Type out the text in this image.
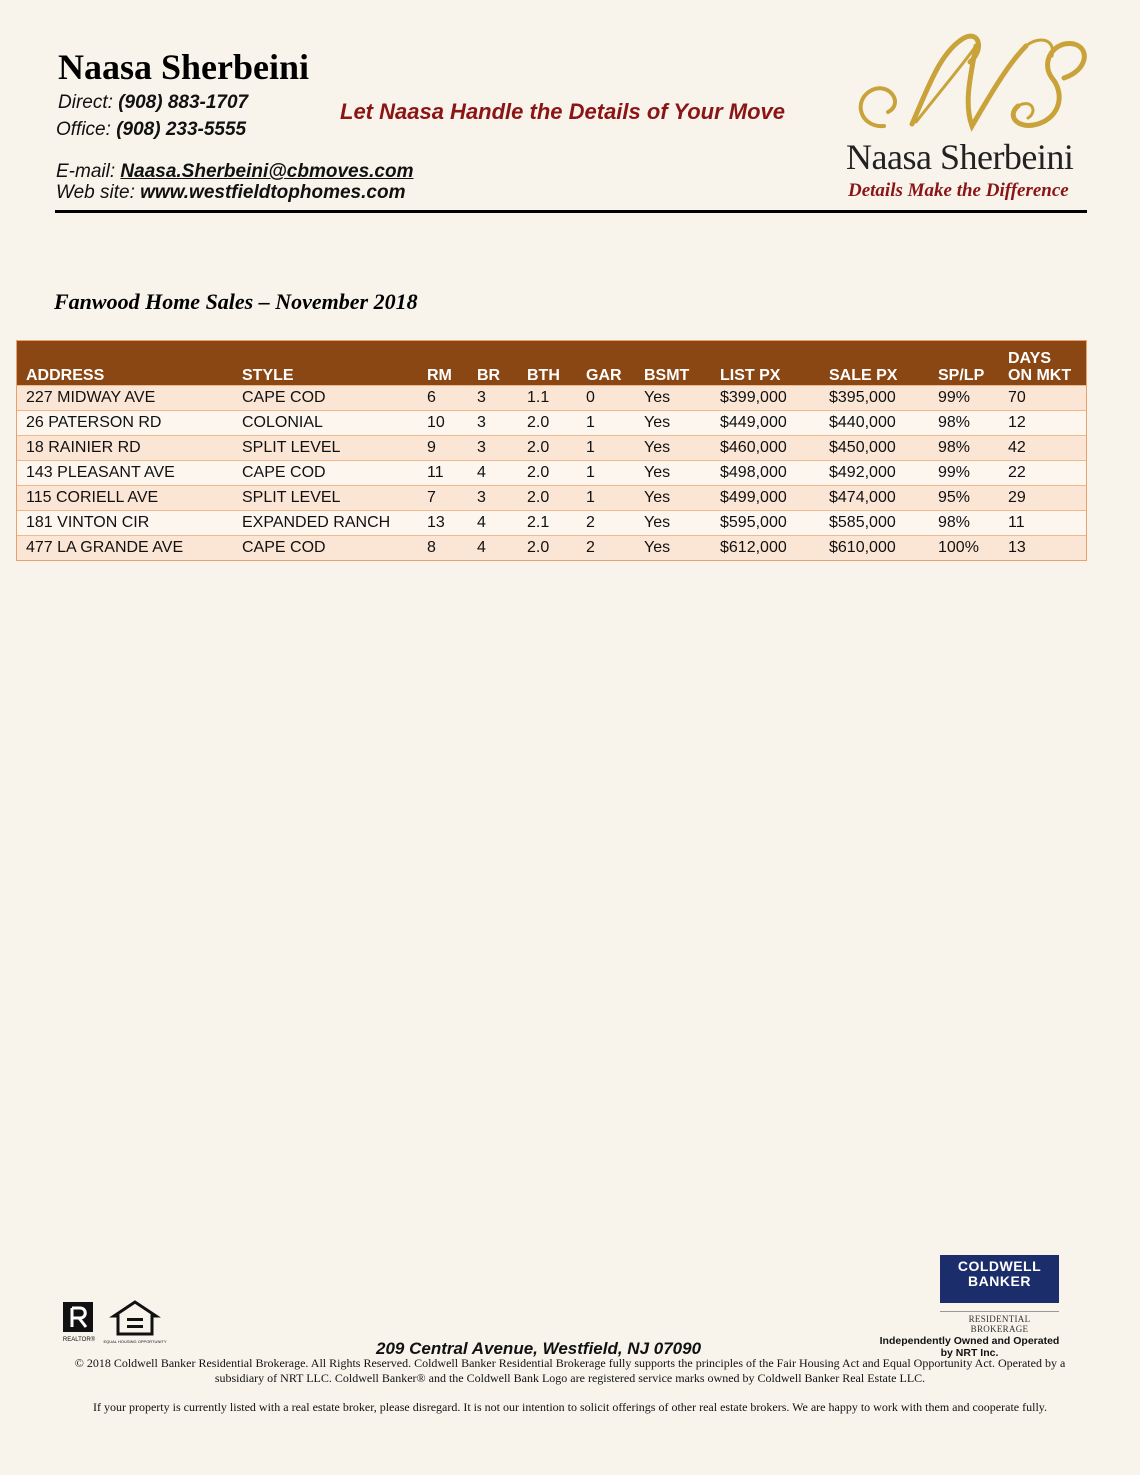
Naasa Sherbeini
Direct: (908) 883-1707
Office: (908) 233-5555
E-mail: Naasa.Sherbeini@cbmoves.com
Web site: www.westfieldtophomes.com
Let Naasa Handle the Details of Your Move
Naasa Sherbeini
Details Make the Difference
Fanwood Home Sales – November 2018
ADDRESS	STYLE	RM BR BTH GAR BSMT LIST PX	SALE PX	SP/LP
DAYS
ON MKT
227 MIDWAY AVE	CAPE COD	6	3	1.1 0	Yes	$399,000	$395,000	99% 70
26 PATERSON RD	COLONIAL	10 3	2.0 1	Yes	$449,000	$440,000	98% 12
18 RAINIER RD	SPLIT LEVEL	9	3	2.0 1	Yes	$460,000	$450,000	98% 42
143 PLEASANT AVE	CAPE COD	11 4	2.0 1	Yes	$498,000	$492,000	99% 22
115 CORIELL AVE	SPLIT LEVEL	7	3	2.0 1	Yes	$499,000	$474,000	95% 29
181 VINTON CIR	EXPANDED RANCH 13 4	2.1 2	Yes	$595,000	$585,000	98% 11
477 LA GRANDE AVE	CAPE COD	8	4	2.0 2	Yes	$612,000	$610,000	100% 13
COLDWELL
BANKER
RESIDENTIAL BROKERAGE
REALTOR® EQUAL HOUSING OPPORTUNITY	Independently Owned and Operated
by NRT Inc.
209 Central Avenue, Westfield, NJ 07090
© 2018 Coldwell Banker Residential Brokerage. All Rights Reserved. Coldwell Banker Residential Brokerage fully supports the principles of the Fair Housing Act and Equal Opportunity Act. Operated by a
subsidiary of NRT LLC. Coldwell Banker® and the Coldwell Bank Logo are registered service marks owned by Coldwell Banker Real Estate LLC.
If your property is currently listed with a real estate broker, please disregard. It is not our intention to solicit offerings of other real estate brokers. We are happy to work with them and cooperate fully.
